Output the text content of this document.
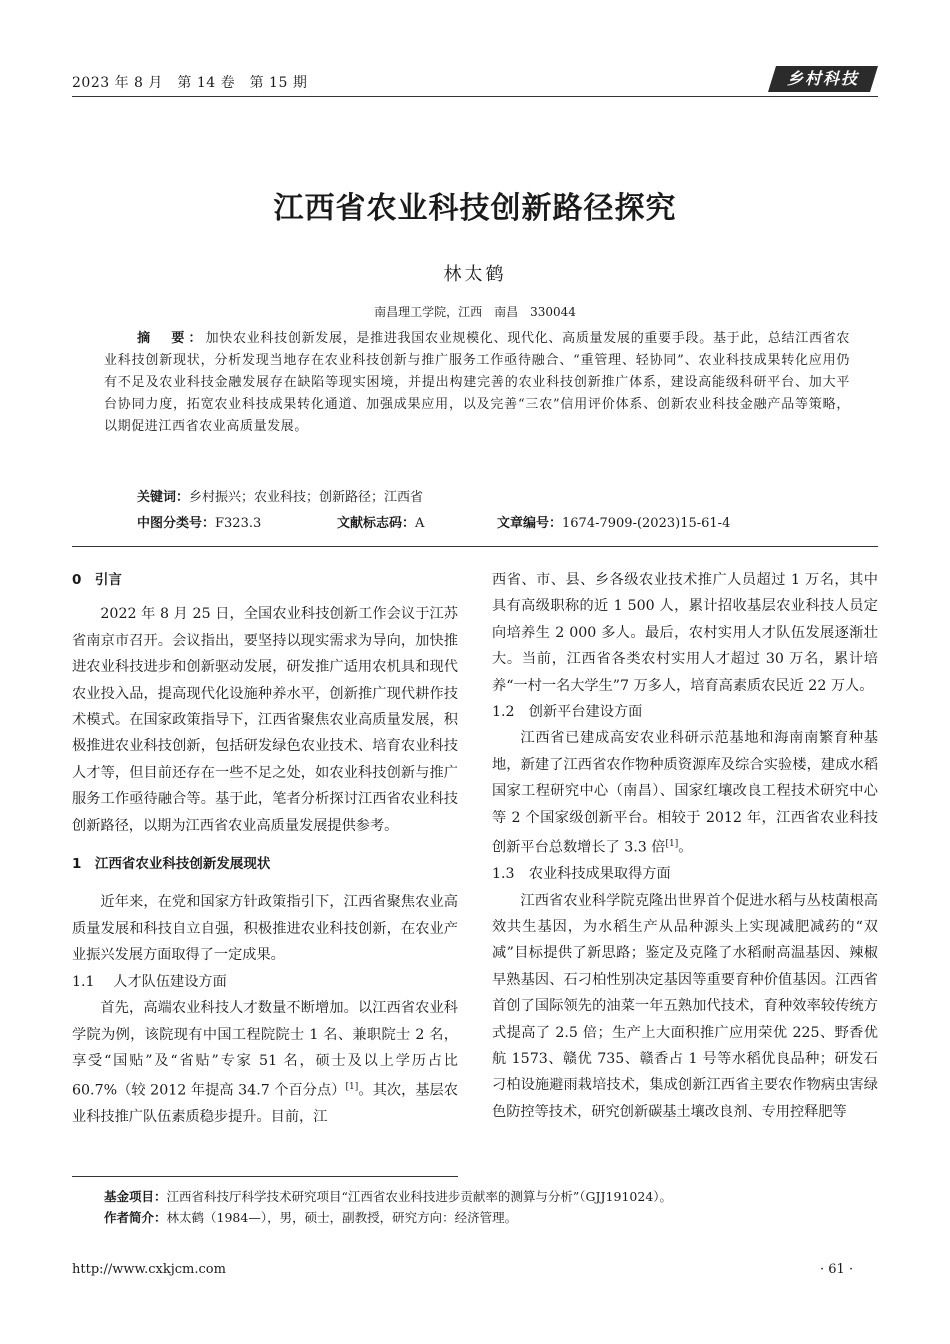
2023 年 8 月　第 14 卷　第 15 期	乡村科技
江西省农业科技创新路径探究
林太鹤
南昌理工学院，江西　南昌　330044
摘　要：加快农业科技创新发展，是推进我国农业规模化、现代化、高质量发展的重要手段。基于此，总结江西省农业科技创新现状，分析发现当地存在农业科技创新与推广服务工作亟待融合、“重管理、轻协同”、农业科技成果转化应用仍有不足及农业科技金融发展存在缺陷等现实困境，并提出构建完善的农业科技创新推广体系，建设高能级科研平台、加大平台协同力度，拓宽农业科技成果转化通道、加强成果应用，以及完善“三农”信用评价体系、创新农业科技金融产品等策略，以期促进江西省农业高质量发展。
关键词：乡村振兴；农业科技；创新路径；江西省
中图分类号：F323.3	文献标志码：A	文章编号：1674-7909-(2023)15-61-4
0　引言

2022 年 8 月 25 日，全国农业科技创新工作会议于江苏省南京市召开。会议指出，要坚持以现实需求为导向，加快推进农业科技进步和创新驱动发展，研发推广适用农机具和现代农业投入品，提高现代化设施种养水平，创新推广现代耕作技术模式。在国家政策指导下，江西省聚焦农业高质量发展，积极推进农业科技创新，包括研发绿色农业技术、培育农业科技人才等，但目前还存在一些不足之处，如农业科技创新与推广服务工作亟待融合等。基于此，笔者分析探讨江西省农业科技创新路径，以期为江西省农业高质量发展提供参考。

1　江西省农业科技创新发展现状

近年来，在党和国家方针政策指引下，江西省聚焦农业高质量发展和科技自立自强，积极推进农业科技创新，在农业产业振兴发展方面取得了一定成果。

1.1　 人才队伍建设方面

首先，高端农业科技人才数量不断增加。以江西省农业科学院为例，该院现有中国工程院院士 1 名、兼职院士 2 名，享受“国贴”及“省贴”专家 51 名，硕士及以上学历占比 60.7%（较 2012 年提高 34.7 个百分点）[1]。其次，基层农业科技推广队伍素质稳步提升。目前，江

西省、市、县、乡各级农业技术推广人员超过 1 万名，其中具有高级职称的近 1 500 人，累计招收基层农业科技人员定向培养生 2 000 多人。最后，农村实用人才队伍发展逐渐壮大。当前，江西省各类农村实用人才超过 30 万名，累计培养“一村一名大学生”7 万多人，培育高素质农民近 22 万人。

1.2　创新平台建设方面

江西省已建成高安农业科研示范基地和海南南繁育种基地，新建了江西省农作物种质资源库及综合实验楼，建成水稻国家工程研究中心（南昌）、国家红壤改良工程技术研究中心等 2 个国家级创新平台。相较于 2012 年，江西省农业科技创新平台总数增长了 3.3 倍[1]。

1.3　农业科技成果取得方面

江西省农业科学院克隆出世界首个促进水稻与丛枝菌根高效共生基因，为水稻生产从品种源头上实现减肥减药的“双减”目标提供了新思路；鉴定及克隆了水稻耐高温基因、辣椒早熟基因、石刁柏性别决定基因等重要育种价值基因。江西省首创了国际领先的油菜一年五熟加代技术，育种效率较传统方式提高了 2.5 倍；生产上大面积推广应用荣优 225、野香优航 1573、赣优 735、赣香占 1 号等水稻优良品种；研发石刁柏设施避雨栽培技术，集成创新江西省主要农作物病虫害绿色防控等技术，研究创新碳基土壤改良剂、专用控释肥等

基金项目：江西省科技厅科学技术研究项目“江西省农业科技进步贡献率的测算与分析”（GJJ191024）。
作者简介：林太鹤（1984—），男，硕士，副教授，研究方向：经济管理。
http://www.cxkjcm.com	· 61 ·
